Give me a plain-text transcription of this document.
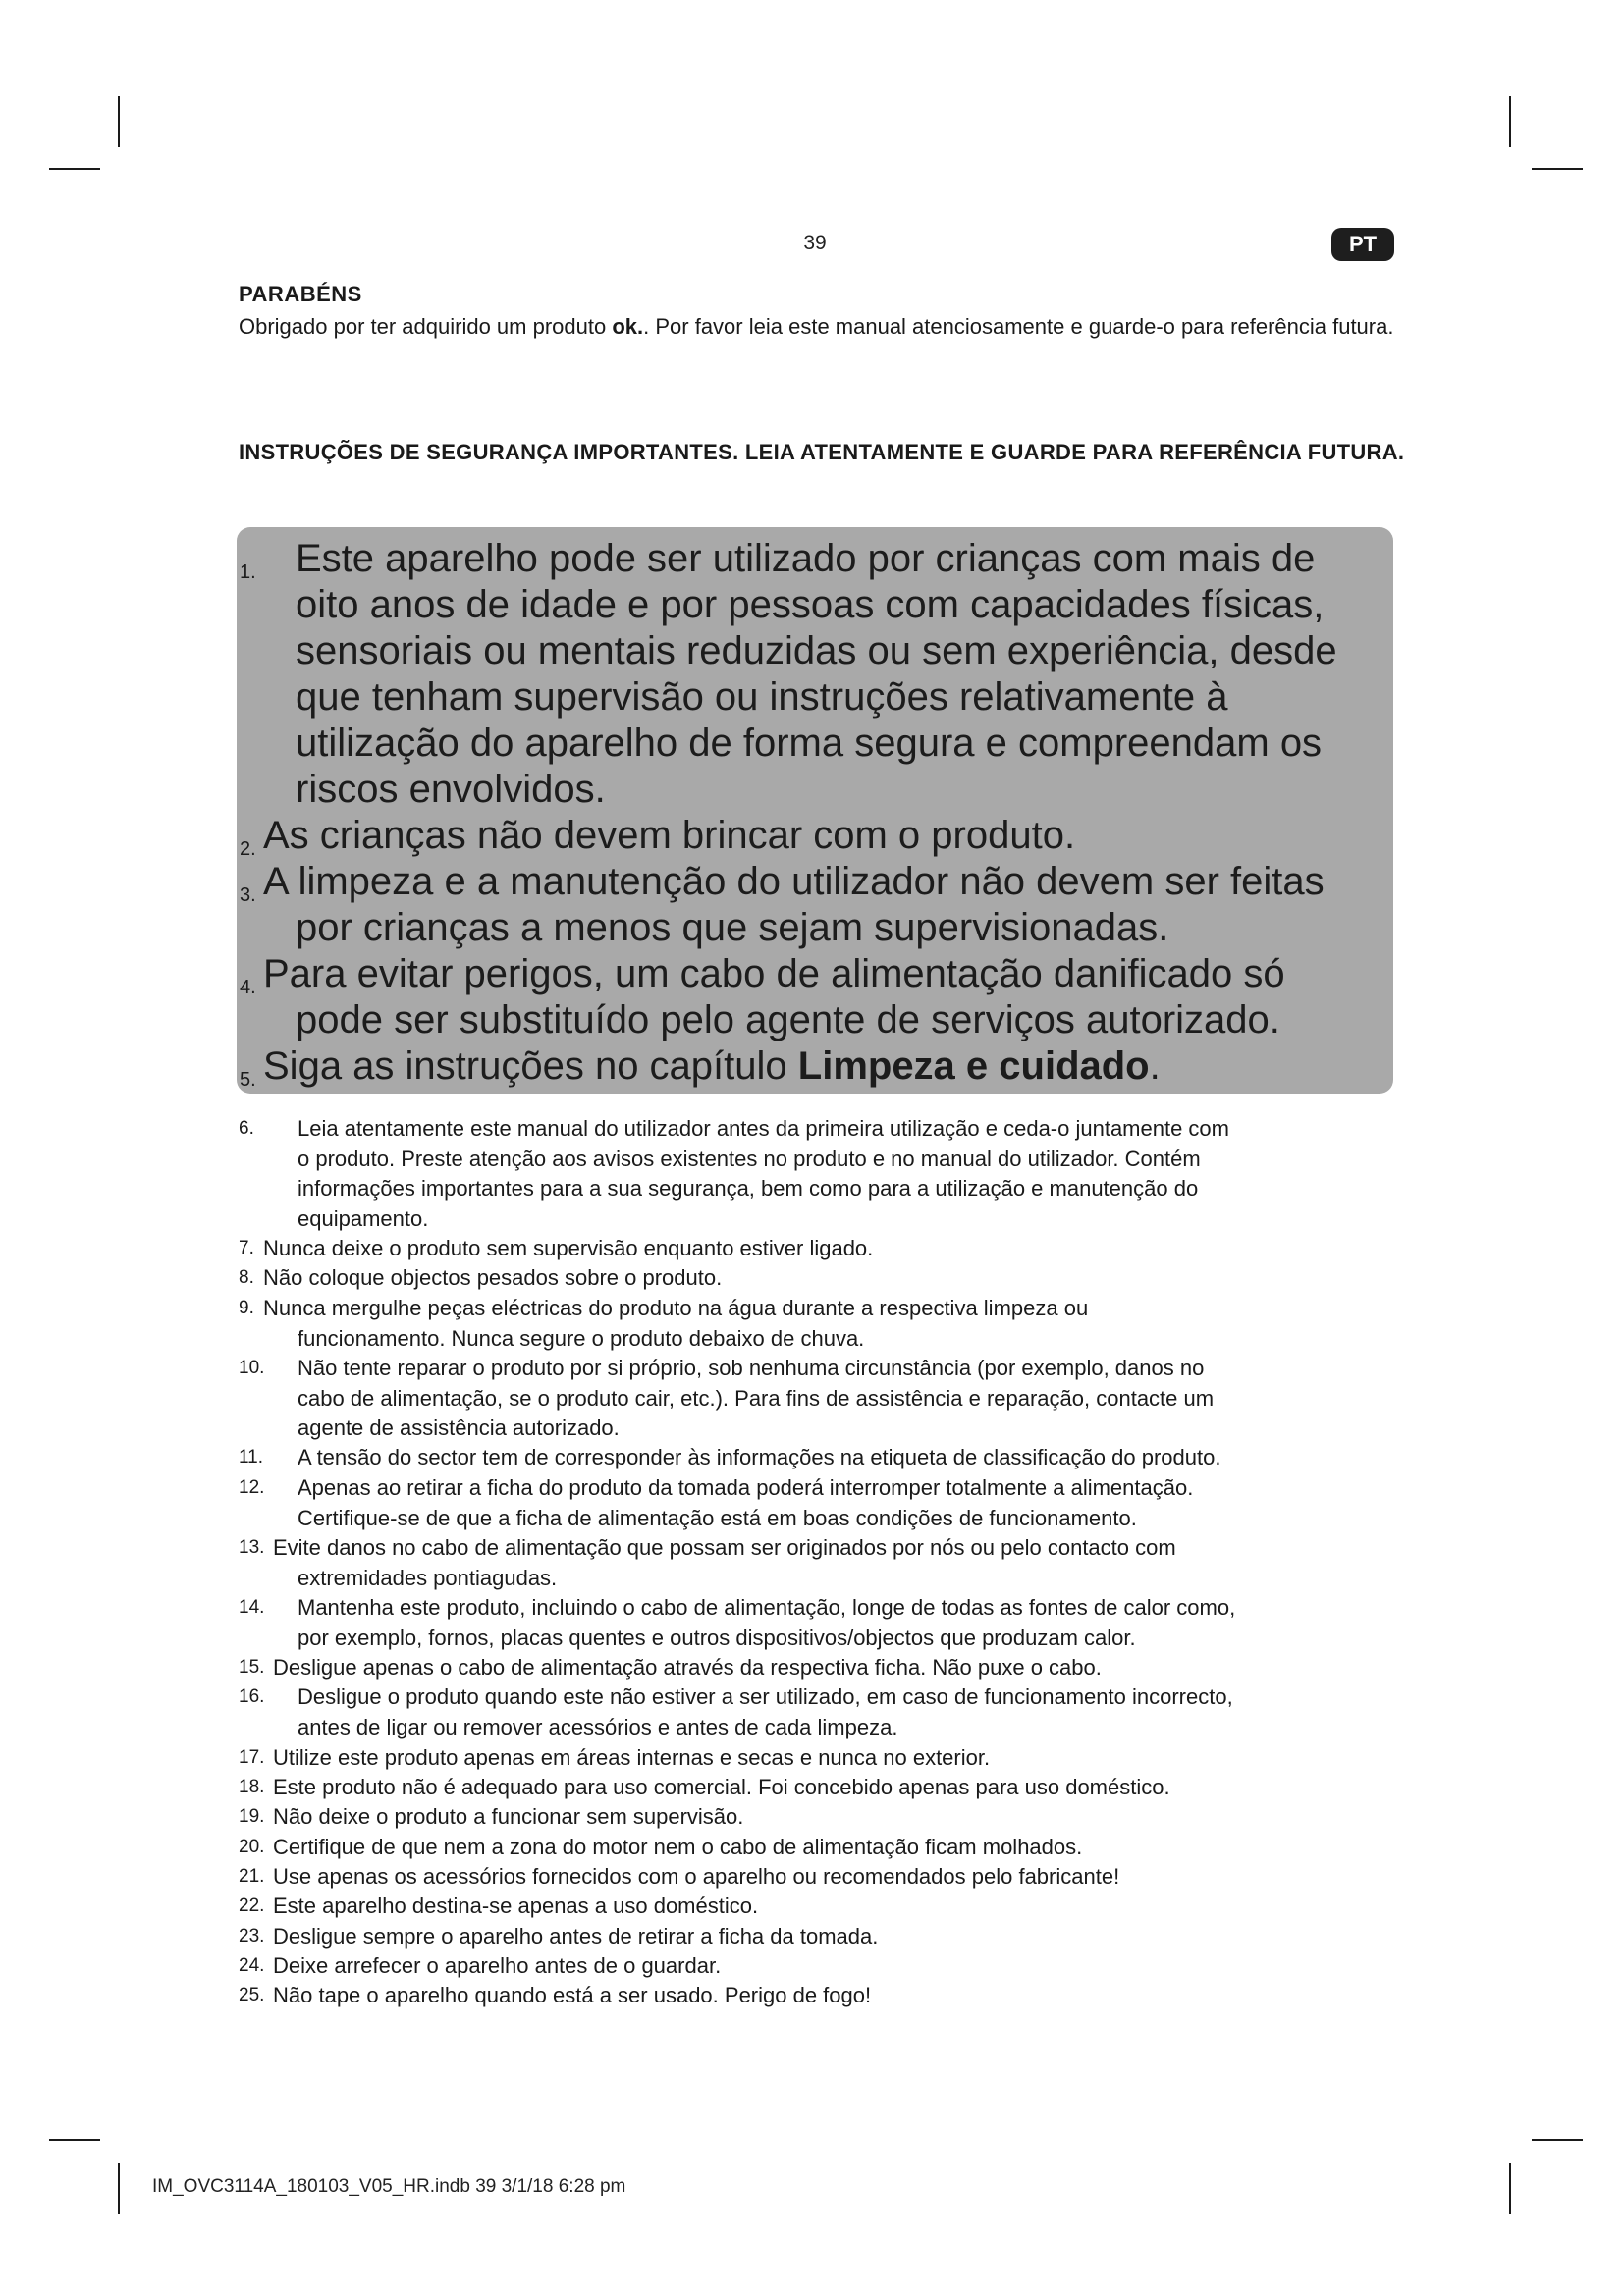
39	PT
PARABÉNS
Obrigado por ter adquirido um produto ok.. Por favor leia este manual atenciosamente e guarde-o para referência futura.
INSTRUÇÕES DE SEGURANÇA IMPORTANTES. LEIA ATENTAMENTE E GUARDE PARA REFERÊNCIA FUTURA.
1. Este aparelho pode ser utilizado por crianças com mais de
oito anos de idade e por pessoas com capacidades físicas,
sensoriais ou mentais reduzidas ou sem experiência, desde
que tenham supervisão ou instruções relativamente à
utilização do aparelho de forma segura e compreendam os
riscos envolvidos.
2. As crianças não devem brincar com o produto.
3. A limpeza e a manutenção do utilizador não devem ser feitas
por crianças a menos que sejam supervisionadas.
4. Para evitar perigos, um cabo de alimentação danificado só
pode ser substituído pelo agente de serviços autorizado.
5. Siga as instruções no capítulo Limpeza e cuidado.
6. Leia atentamente este manual do utilizador antes da primeira utilização e ceda-o juntamente com
o produto. Preste atenção aos avisos existentes no produto e no manual do utilizador. Contém
informações importantes para a sua segurança, bem como para a utilização e manutenção do
equipamento.
7. Nunca deixe o produto sem supervisão enquanto estiver ligado.
8. Não coloque objectos pesados sobre o produto.
9. Nunca mergulhe peças eléctricas do produto na água durante a respectiva limpeza ou
funcionamento. Nunca segure o produto debaixo de chuva.
10. Não tente reparar o produto por si próprio, sob nenhuma circunstância (por exemplo, danos no
cabo de alimentação, se o produto cair, etc.). Para fins de assistência e reparação, contacte um
agente de assistência autorizado.
11. A tensão do sector tem de corresponder às informações na etiqueta de classificação do produto.
12. Apenas ao retirar a ficha do produto da tomada poderá interromper totalmente a alimentação.
Certifique-se de que a ficha de alimentação está em boas condições de funcionamento.
13. Evite danos no cabo de alimentação que possam ser originados por nós ou pelo contacto com
extremidades pontiagudas.
14. Mantenha este produto, incluindo o cabo de alimentação, longe de todas as fontes de calor como,
por exemplo, fornos, placas quentes e outros dispositivos/objectos que produzam calor.
15. Desligue apenas o cabo de alimentação através da respectiva ficha. Não puxe o cabo.
16. Desligue o produto quando este não estiver a ser utilizado, em caso de funcionamento incorrecto,
antes de ligar ou remover acessórios e antes de cada limpeza.
17. Utilize este produto apenas em áreas internas e secas e nunca no exterior.
18. Este produto não é adequado para uso comercial. Foi concebido apenas para uso doméstico.
19. Não deixe o produto a funcionar sem supervisão.
20. Certifique de que nem a zona do motor nem o cabo de alimentação ficam molhados.
21. Use apenas os acessórios fornecidos com o aparelho ou recomendados pelo fabricante!
22. Este aparelho destina-se apenas a uso doméstico.
23. Desligue sempre o aparelho antes de retirar a ficha da tomada.
24. Deixe arrefecer o aparelho antes de o guardar.
25. Não tape o aparelho quando está a ser usado. Perigo de fogo!
IM_OVC3114A_180103_V05_HR.indb 39 3/1/18 6:28 pm
